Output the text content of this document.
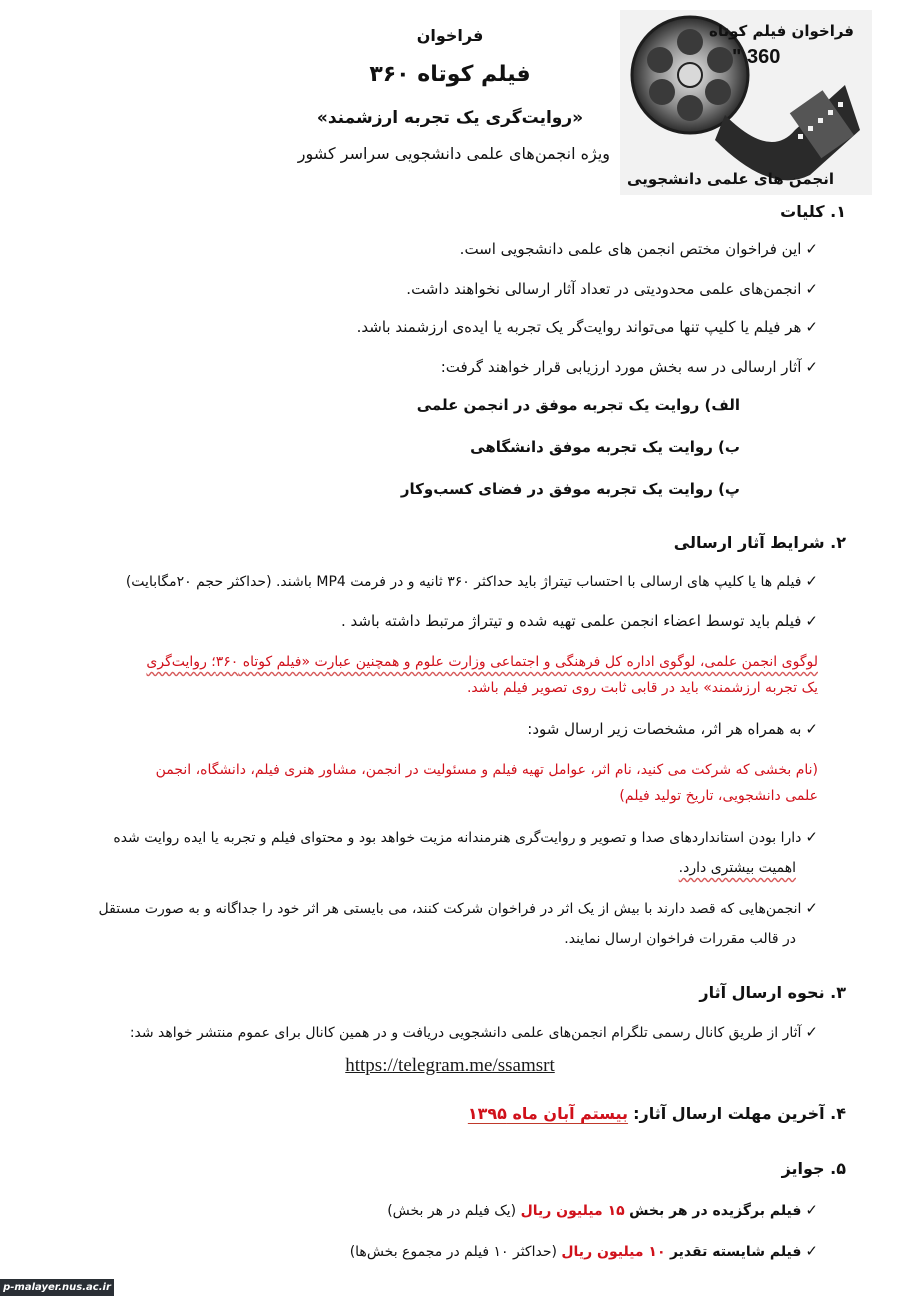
فراخوان فیلم کوتاه
" 360
انجمن های علمی دانشجویی
فراخوان
فیلم کوتاه ۳۶۰
«روایت‌گری یک تجربه ارزشمند»
ویژه انجمن‌های علمی دانشجویی سراسر کشور
۱. کلیات
✓این فراخوان مختص انجمن های علمی دانشجویی است.
✓انجمن‌های علمی محدودیتی در تعداد آثار ارسالی نخواهند داشت.
✓هر فیلم یا کلیپ تنها می‌تواند روایت‌گر یک تجربه یا ایده‌ی ارزشمند باشد.
✓آثار ارسالی در سه بخش مورد ارزیابی قرار خواهند گرفت:
الف) روایت یک تجربه موفق در انجمن علمی
ب) روایت یک تجربه موفق دانشگاهی
پ) روایت یک تجربه موفق در فضای کسب‌وکار
۲. شرایط آثار ارسالی
✓فیلم ها یا کلیپ های ارسالی با احتساب تیتراژ باید حداکثر ۳۶۰ ثانیه و در فرمت MP4 باشند. (حداکثر حجم ۲۰مگابایت)
✓فیلم باید توسط اعضاء انجمن علمی تهیه شده و تیتراژ مرتبط داشته باشد .
لوگوی انجمن علمی، لوگوی اداره کل فرهنگی و اجتماعی وزارت علوم و همچنین عبارت «فیلم کوتاه ۳۶۰؛ روایت‌گری
یک تجربه ارزشمند» باید در قابی ثابت روی تصویر فیلم باشد.
✓به همراه هر اثر، مشخصات زیر ارسال شود:
(نام بخشی که شرکت می کنید، نام اثر، عوامل تهیه فیلم و مسئولیت در انجمن، مشاور هنری فیلم، دانشگاه، انجمن
علمی دانشجویی، تاریخ تولید فیلم)
✓دارا بودن استانداردهای صدا و تصویر و روایت‌گری هنرمندانه مزیت خواهد بود و محتوای فیلم و تجربه یا ایده روایت شده
اهمیت بیشتری دارد.
✓انجمن‌هایی که قصد دارند با بیش از یک اثر در فراخوان شرکت کنند، می بایستی هر اثر خود را جداگانه و به صورت مستقل
در قالب مقررات فراخوان ارسال نمایند.
۳. نحوه ارسال آثار
✓آثار از طریق کانال رسمی تلگرام انجمن‌های علمی دانشجویی دریافت و در همین کانال برای عموم منتشر خواهد شد:
https://telegram.me/ssamsrt
۴. آخرین مهلت ارسال آثار: بیستم آبان ماه ۱۳۹۵
۵. جوایز
✓فیلم برگزیده در هر بخش ۱۵ میلیون ریال (یک فیلم در هر بخش)
✓فیلم شایسته تقدیر ۱۰ میلیون ریال (حداکثر ۱۰ فیلم در مجموع بخش‌ها)
p-malayer.nus.ac.ir
